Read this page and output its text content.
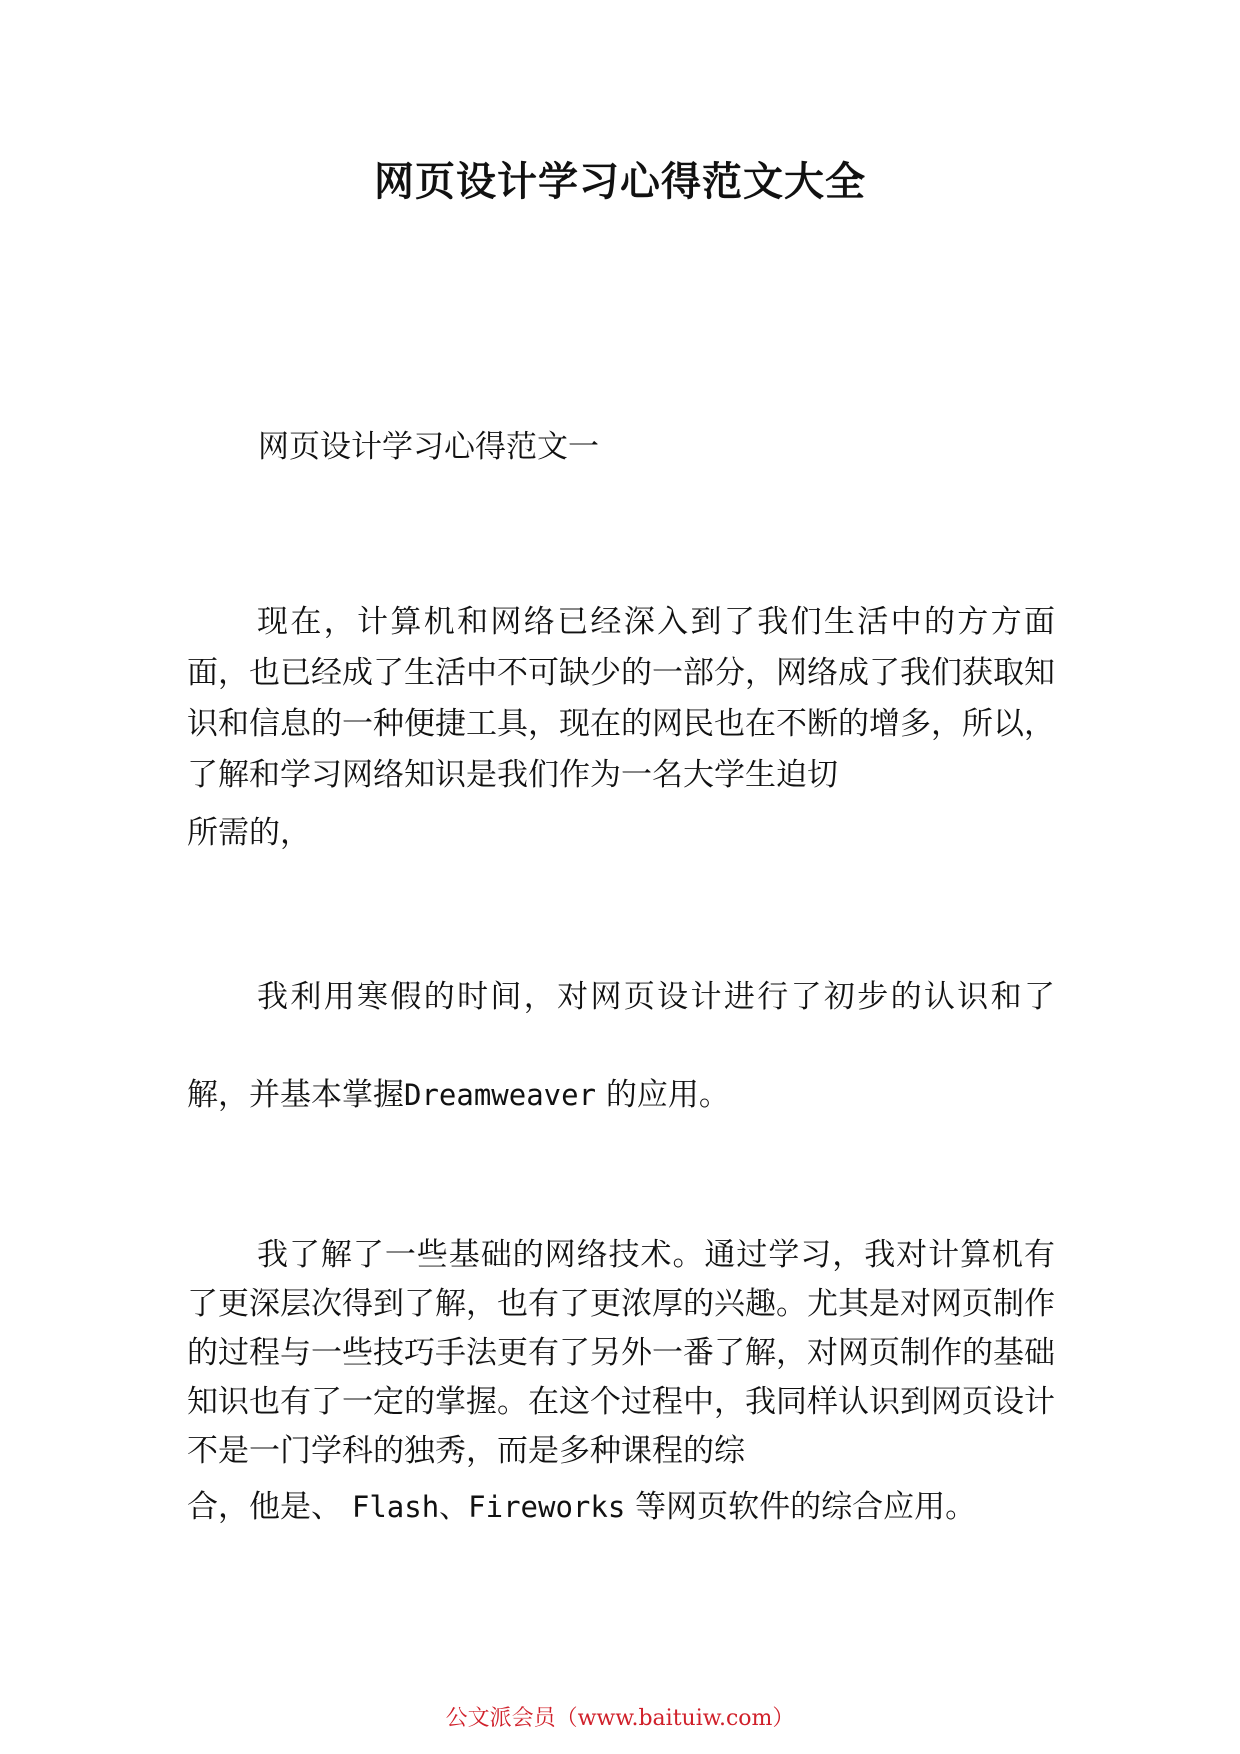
网页设计学习心得范文大全

网页设计学习心得范文一

现在，计算机和网络已经深入到了我们生活中的方方面面，也已经成了生活中不可缺少的一部分，网络成了我们获取知识和信息的一种便捷工具，现在的网民也在不断的增多，所以，了解和学习网络知识是我们作为一名大学生迫切
所需的，

我利用寒假的时间，对网页设计进行了初步的认识和了解，并基本掌握Dreamweaver 的应用。

我了解了一些基础的网络技术。通过学习，我对计算机有了更深层次得到了解，也有了更浓厚的兴趣。尤其是对网页制作的过程与一些技巧手法更有了另外一番了解，对网页制作的基础知识也有了一定的掌握。在这个过程中，我同样认识到网页设计不是一门学科的独秀，而是多种课程的综
合，他是、 Flash、Fireworks 等网页软件的综合应用。

公文派会员（www.baituiw.com）
